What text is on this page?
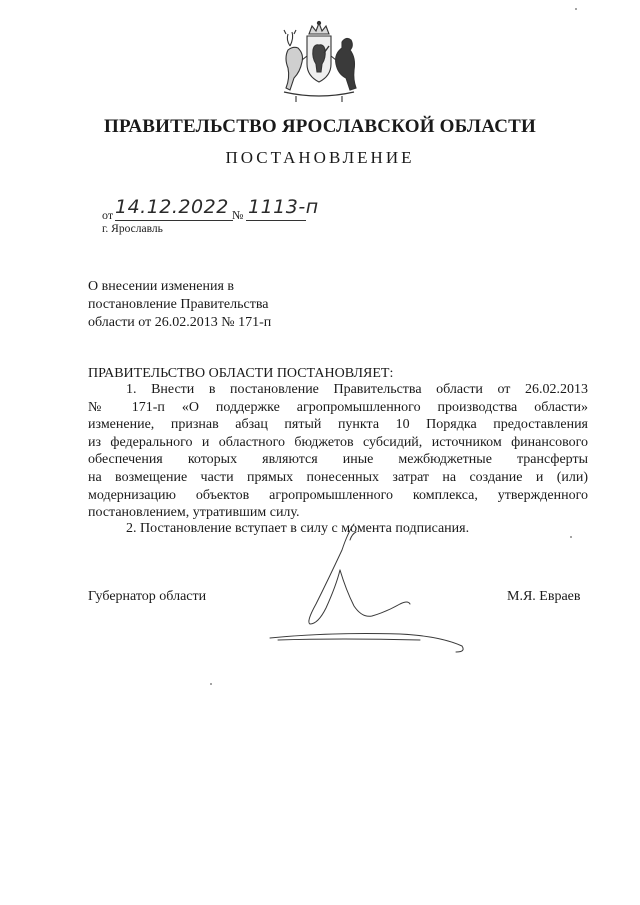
ПРАВИТЕЛЬСТВО ЯРОСЛАВСКОЙ ОБЛАСТИ
ПОСТАНОВЛЕНИЕ
от 14.12.2022 № 1113-п
г. Ярославль
О внесении изменения в
постановление Правительства
области от 26.02.2013 № 171-п
ПРАВИТЕЛЬСТВО ОБЛАСТИ ПОСТАНОВЛЯЕТ:
1. Внести в постановление Правительства области от 26.02.2013
№ 171-п «О поддержке агропромышленного производства области»
изменение, признав абзац пятый пункта 10 Порядка предоставления
из федерального и областного бюджетов субсидий, источником финансового
обеспечения которых являются иные межбюджетные трансферты
на возмещение части прямых понесенных затрат на создание и (или)
модернизацию объектов агропромышленного комплекса, утвержденного
постановлением, утратившим силу.
2. Постановление вступает в силу с момента подписания.
Губернатор области	М.Я. Евраев
